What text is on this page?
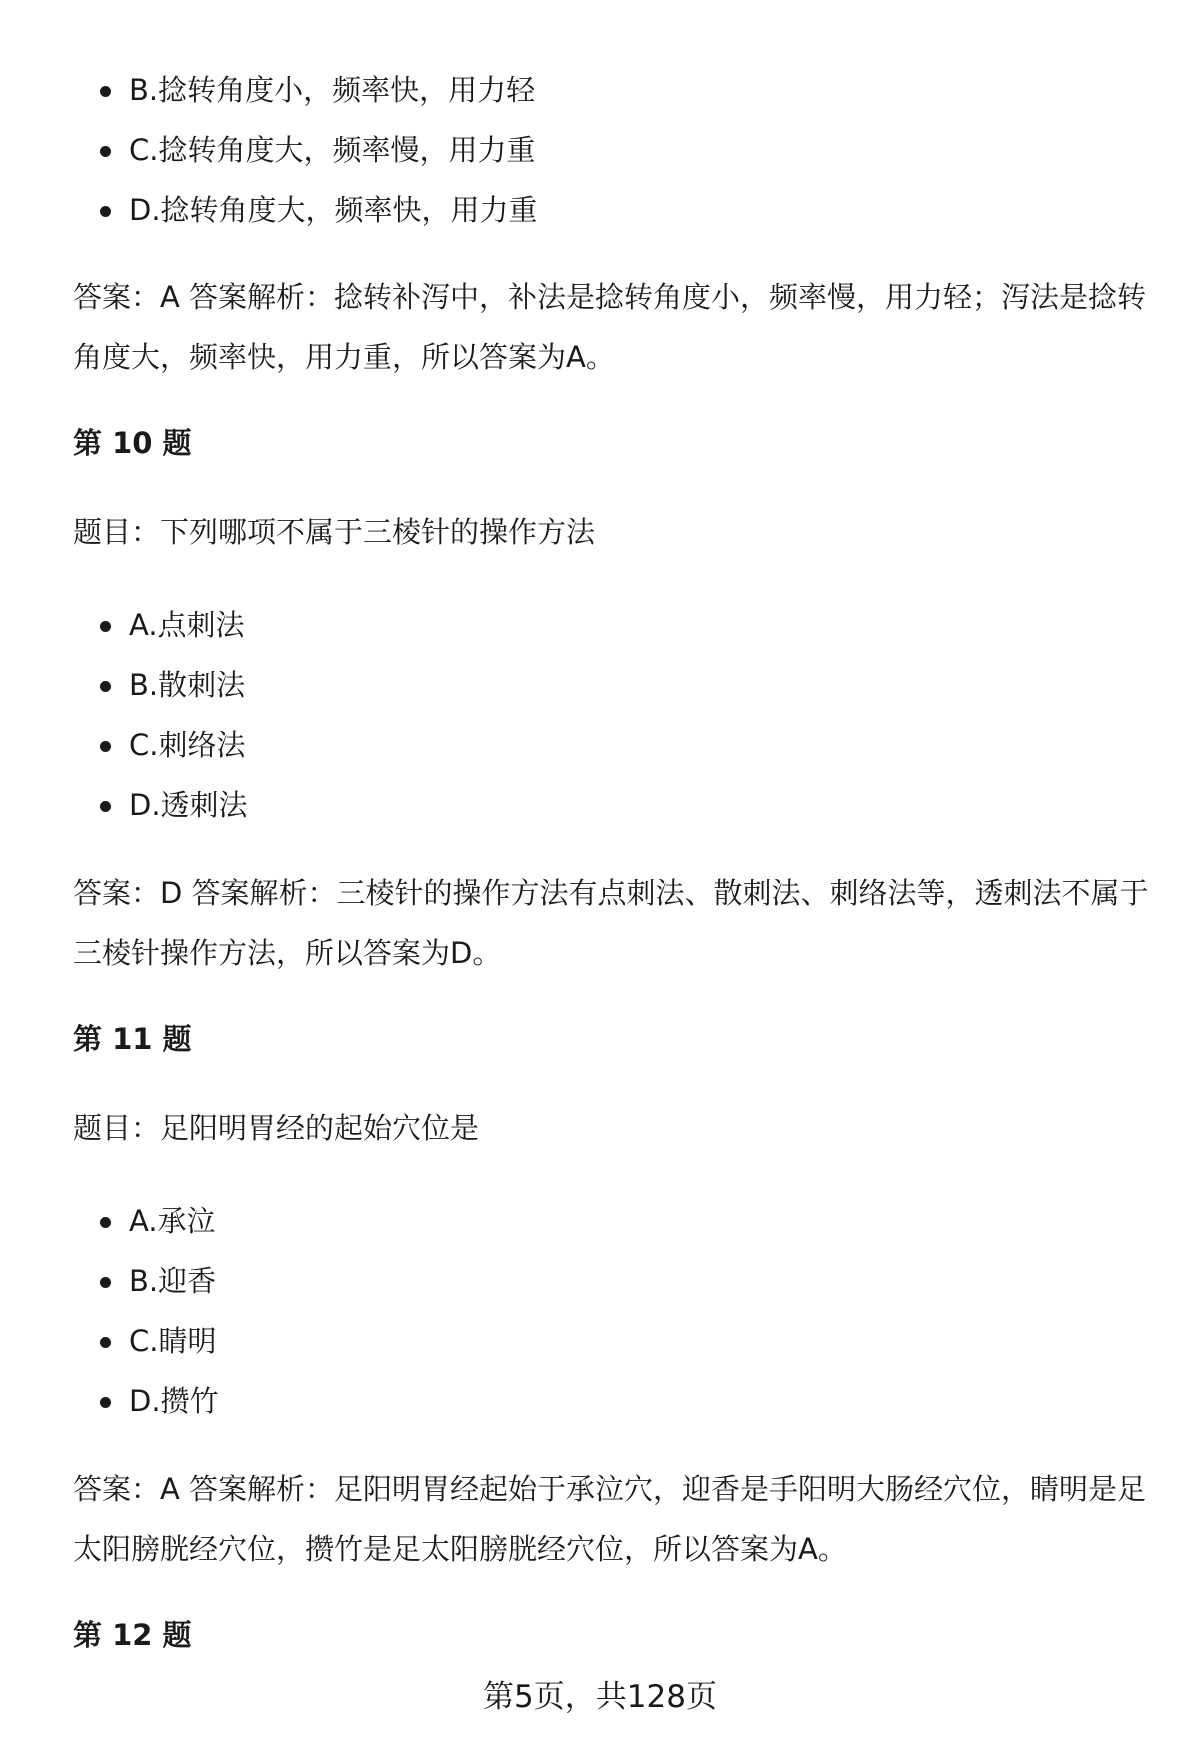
B.捻转角度小，频率快，用力轻
C.捻转角度大，频率慢，用力重
D.捻转角度大，频率快，用力重

答案：A 答案解析：捻转补泻中，补法是捻转角度小，频率慢，用力轻；泻法是捻转角度大，频率快，用力重，所以答案为A。

第 10 题

题目：下列哪项不属于三棱针的操作方法

A.点刺法
B.散刺法
C.刺络法
D.透刺法

答案：D 答案解析：三棱针的操作方法有点刺法、散刺法、刺络法等，透刺法不属于三棱针操作方法，所以答案为D。

第 11 题

题目：足阳明胃经的起始穴位是

A.承泣
B.迎香
C.睛明
D.攒竹

答案：A 答案解析：足阳明胃经起始于承泣穴，迎香是手阳明大肠经穴位，睛明是足太阳膀胱经穴位，攒竹是足太阳膀胱经穴位，所以答案为A。

第 12 题

第5页，共128页
